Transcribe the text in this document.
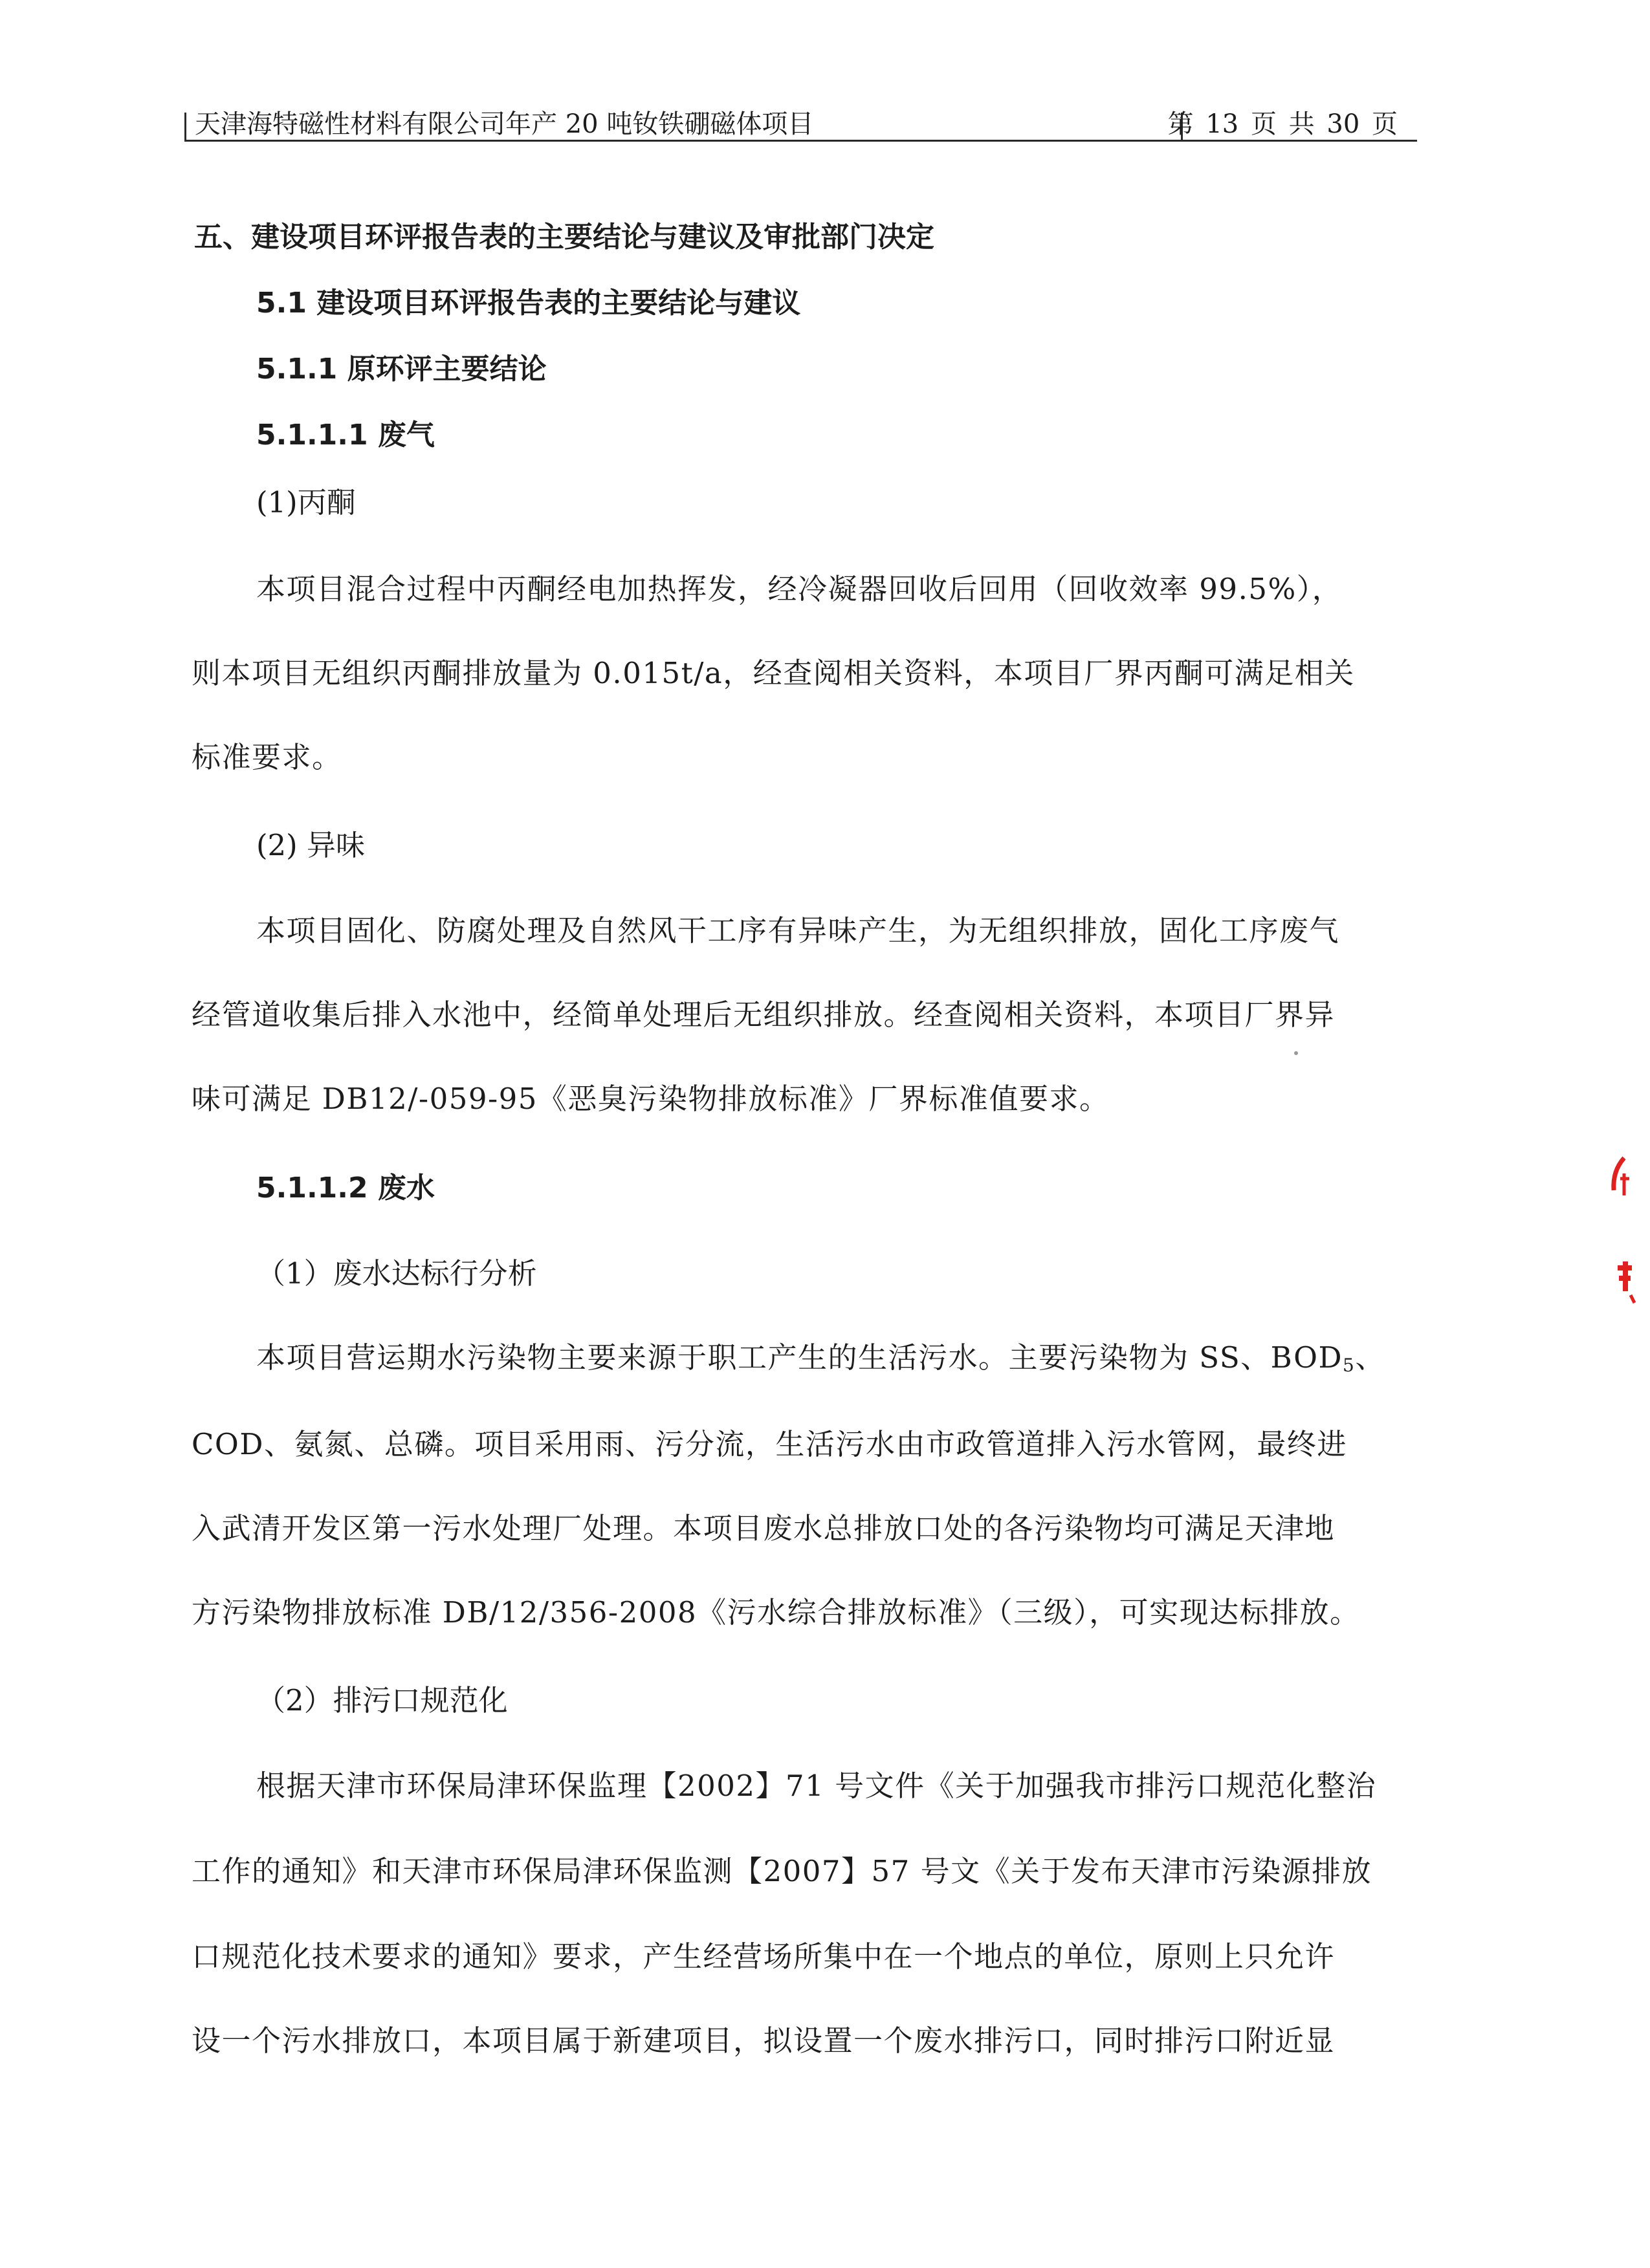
天津海特磁性材料有限公司年产 20 吨钕铁硼磁体项目	第 13 页 共 30 页
五、建设项目环评报告表的主要结论与建议及审批部门决定
5.1 建设项目环评报告表的主要结论与建议
5.1.1 原环评主要结论
5.1.1.1 废气
(1)丙酮
本项目混合过程中丙酮经电加热挥发，经冷凝器回收后回用（回收效率 99.5%），
则本项目无组织丙酮排放量为 0.015t/a，经查阅相关资料，本项目厂界丙酮可满足相关
标准要求。
(2) 异味
本项目固化、防腐处理及自然风干工序有异味产生，为无组织排放，固化工序废气
经管道收集后排入水池中，经简单处理后无组织排放。经查阅相关资料，本项目厂界异
味可满足 DB12/-059-95《恶臭污染物排放标准》厂界标准值要求。
5.1.1.2 废水
（1）废水达标行分析
本项目营运期水污染物主要来源于职工产生的生活污水。主要污染物为 SS、BOD5、
COD、氨氮、总磷。项目采用雨、污分流，生活污水由市政管道排入污水管网，最终进
入武清开发区第一污水处理厂处理。本项目废水总排放口处的各污染物均可满足天津地
方污染物排放标准 DB/12/356-2008《污水综合排放标准》（三级），可实现达标排放。
（2）排污口规范化
根据天津市环保局津环保监理【2002】71 号文件《关于加强我市排污口规范化整治
工作的通知》和天津市环保局津环保监测【2007】57 号文《关于发布天津市污染源排放
口规范化技术要求的通知》要求，产生经营场所集中在一个地点的单位，原则上只允许
设一个污水排放口，本项目属于新建项目，拟设置一个废水排污口，同时排污口附近显
